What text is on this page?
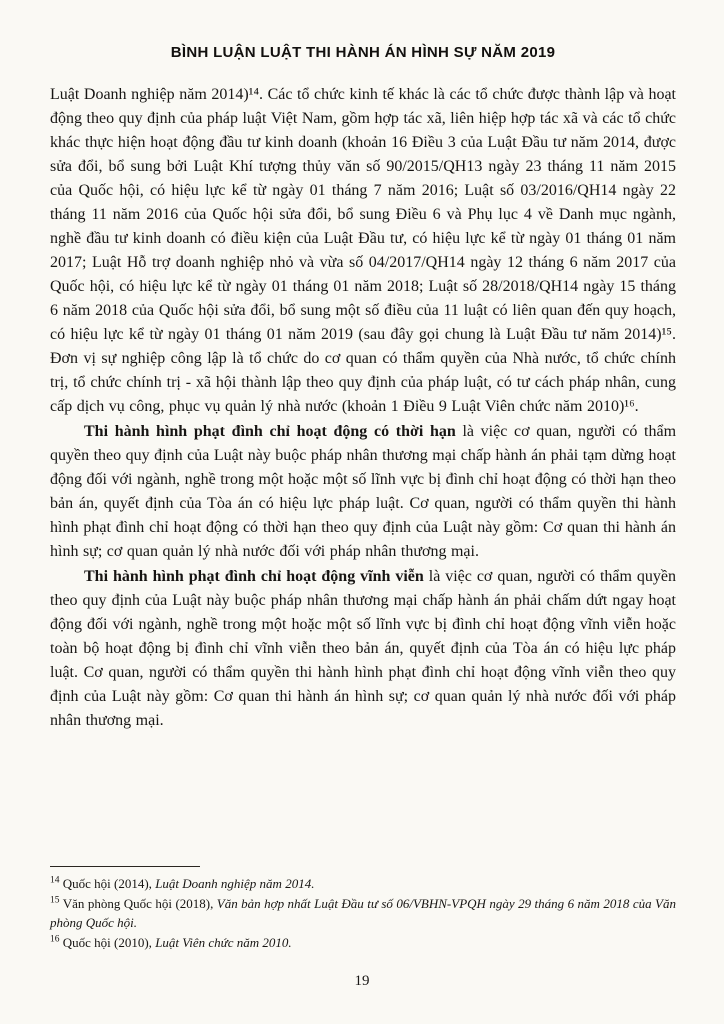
BÌNH LUẬN LUẬT THI HÀNH ÁN HÌNH SỰ NĂM 2019

Luật Doanh nghiệp năm 2014)¹⁴. Các tổ chức kinh tế khác là các tổ chức được thành lập và hoạt động theo quy định của pháp luật Việt Nam, gồm hợp tác xã, liên hiệp hợp tác xã và các tổ chức khác thực hiện hoạt động đầu tư kinh doanh (khoản 16 Điều 3 của Luật Đầu tư năm 2014, được sửa đổi, bổ sung bởi Luật Khí tượng thủy văn số 90/2015/QH13 ngày 23 tháng 11 năm 2015 của Quốc hội, có hiệu lực kể từ ngày 01 tháng 7 năm 2016; Luật số 03/2016/QH14 ngày 22 tháng 11 năm 2016 của Quốc hội sửa đổi, bổ sung Điều 6 và Phụ lục 4 về Danh mục ngành, nghề đầu tư kinh doanh có điều kiện của Luật Đầu tư, có hiệu lực kể từ ngày 01 tháng 01 năm 2017; Luật Hỗ trợ doanh nghiệp nhỏ và vừa số 04/2017/QH14 ngày 12 tháng 6 năm 2017 của Quốc hội, có hiệu lực kể từ ngày 01 tháng 01 năm 2018; Luật số 28/2018/QH14 ngày 15 tháng 6 năm 2018 của Quốc hội sửa đổi, bổ sung một số điều của 11 luật có liên quan đến quy hoạch, có hiệu lực kể từ ngày 01 tháng 01 năm 2019 (sau đây gọi chung là Luật Đầu tư năm 2014)¹⁵. Đơn vị sự nghiệp công lập là tổ chức do cơ quan có thẩm quyền của Nhà nước, tổ chức chính trị, tổ chức chính trị - xã hội thành lập theo quy định của pháp luật, có tư cách pháp nhân, cung cấp dịch vụ công, phục vụ quản lý nhà nước (khoản 1 Điều 9 Luật Viên chức năm 2010)¹⁶.

Thi hành hình phạt đình chỉ hoạt động có thời hạn là việc cơ quan, người có thẩm quyền theo quy định của Luật này buộc pháp nhân thương mại chấp hành án phải tạm dừng hoạt động đối với ngành, nghề trong một hoặc một số lĩnh vực bị đình chỉ hoạt động có thời hạn theo bản án, quyết định của Tòa án có hiệu lực pháp luật. Cơ quan, người có thẩm quyền thi hành hình phạt đình chỉ hoạt động có thời hạn theo quy định của Luật này gồm: Cơ quan thi hành án hình sự; cơ quan quản lý nhà nước đối với pháp nhân thương mại.

Thi hành hình phạt đình chỉ hoạt động vĩnh viễn là việc cơ quan, người có thẩm quyền theo quy định của Luật này buộc pháp nhân thương mại chấp hành án phải chấm dứt ngay hoạt động đối với ngành, nghề trong một hoặc một số lĩnh vực bị đình chỉ hoạt động vĩnh viễn hoặc toàn bộ hoạt động bị đình chỉ vĩnh viễn theo bản án, quyết định của Tòa án có hiệu lực pháp luật. Cơ quan, người có thẩm quyền thi hành hình phạt đình chỉ hoạt động vĩnh viễn theo quy định của Luật này gồm: Cơ quan thi hành án hình sự; cơ quan quản lý nhà nước đối với pháp nhân thương mại.

$^{14}$ Quốc hội (2014), Luật Doanh nghiệp năm 2014.

$^{15}$ Văn phòng Quốc hội (2018), Văn bản hợp nhất Luật Đầu tư số 06/VBHN-VPQH ngày 29 tháng 6 năm 2018 của Văn phòng Quốc hội.

$^{16}$ Quốc hội (2010), Luật Viên chức năm 2010.

19
